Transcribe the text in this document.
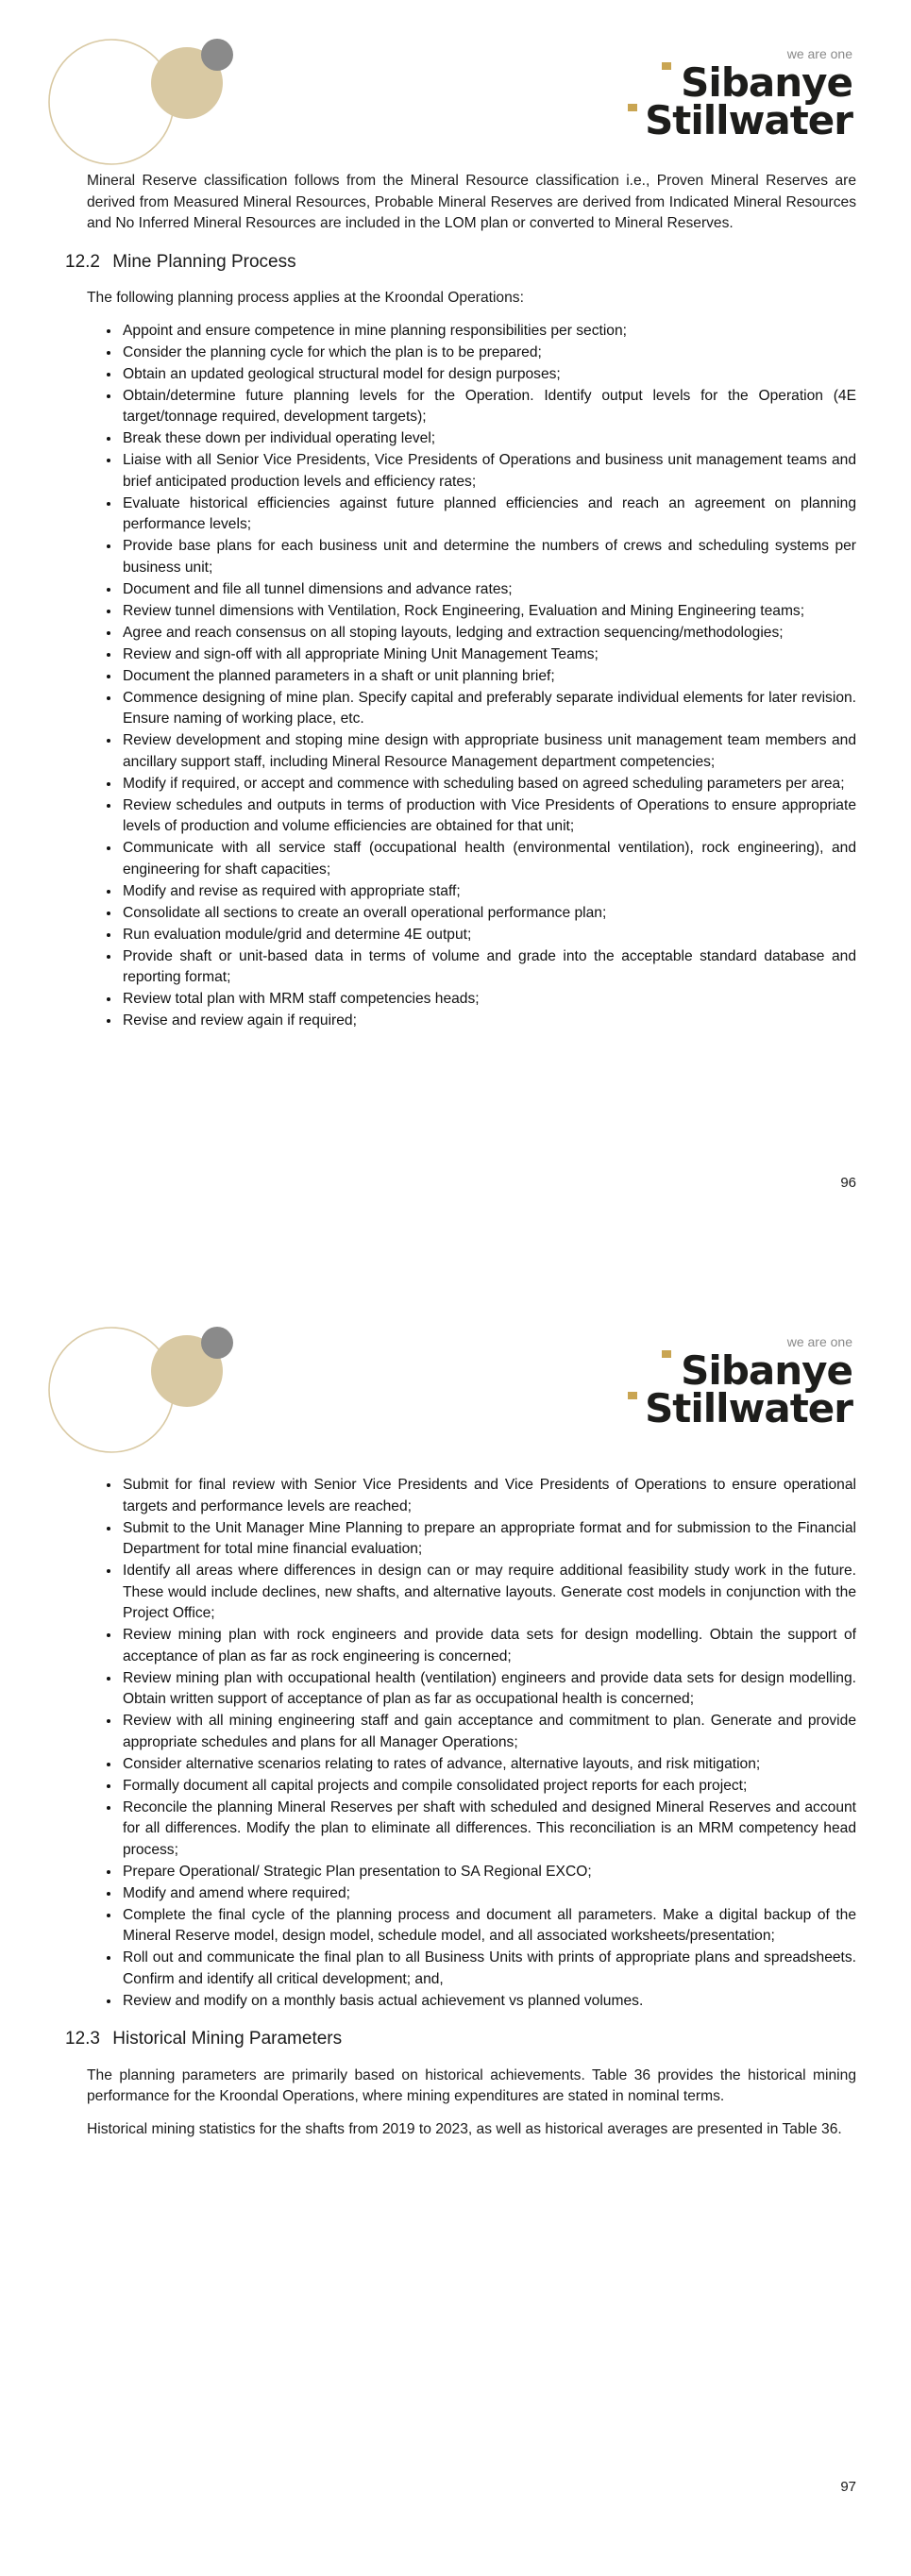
we are one
Sibanye
Stillwater

Mineral Reserve classification follows from the Mineral Resource classification i.e., Proven Mineral Reserves are derived from Measured Mineral Resources, Probable Mineral Reserves are derived from Indicated Mineral Resources and No Inferred Mineral Resources are included in the LOM plan or converted to Mineral Reserves.

12.2 Mine Planning Process

The following planning process applies at the Kroondal Operations:

• Appoint and ensure competence in mine planning responsibilities per section;
• Consider the planning cycle for which the plan is to be prepared;
• Obtain an updated geological structural model for design purposes;
• Obtain/determine future planning levels for the Operation. Identify output levels for the Operation (4E target/tonnage required, development targets);
• Break these down per individual operating level;
• Liaise with all Senior Vice Presidents, Vice Presidents of Operations and business unit management teams and brief anticipated production levels and efficiency rates;
• Evaluate historical efficiencies against future planned efficiencies and reach an agreement on planning performance levels;
• Provide base plans for each business unit and determine the numbers of crews and scheduling systems per business unit;
• Document and file all tunnel dimensions and advance rates;
• Review tunnel dimensions with Ventilation, Rock Engineering, Evaluation and Mining Engineering teams;
• Agree and reach consensus on all stoping layouts, ledging and extraction sequencing/methodologies;
• Review and sign-off with all appropriate Mining Unit Management Teams;
• Document the planned parameters in a shaft or unit planning brief;
• Commence designing of mine plan. Specify capital and preferably separate individual elements for later revision. Ensure naming of working place, etc.
• Review development and stoping mine design with appropriate business unit management team members and ancillary support staff, including Mineral Resource Management department competencies;
• Modify if required, or accept and commence with scheduling based on agreed scheduling parameters per area;
• Review schedules and outputs in terms of production with Vice Presidents of Operations to ensure appropriate levels of production and volume efficiencies are obtained for that unit;
• Communicate with all service staff (occupational health (environmental ventilation), rock engineering), and engineering for shaft capacities;
• Modify and revise as required with appropriate staff;
• Consolidate all sections to create an overall operational performance plan;
• Run evaluation module/grid and determine 4E output;
• Provide shaft or unit-based data in terms of volume and grade into the acceptable standard database and reporting format;
• Review total plan with MRM staff competencies heads;
• Revise and review again if required;
96
we are one
Sibanye
Stillwater
• Submit for final review with Senior Vice Presidents and Vice Presidents of Operations to ensure operational targets and performance levels are reached;
• Submit to the Unit Manager Mine Planning to prepare an appropriate format and for submission to the Financial Department for total mine financial evaluation;
• Identify all areas where differences in design can or may require additional feasibility study work in the future. These would include declines, new shafts, and alternative layouts. Generate cost models in conjunction with the Project Office;
• Review mining plan with rock engineers and provide data sets for design modelling. Obtain the support of acceptance of plan as far as rock engineering is concerned;
• Review mining plan with occupational health (ventilation) engineers and provide data sets for design modelling. Obtain written support of acceptance of plan as far as occupational health is concerned;
• Review with all mining engineering staff and gain acceptance and commitment to plan. Generate and provide appropriate schedules and plans for all Manager Operations;
• Consider alternative scenarios relating to rates of advance, alternative layouts, and risk mitigation;
• Formally document all capital projects and compile consolidated project reports for each project;
• Reconcile the planning Mineral Reserves per shaft with scheduled and designed Mineral Reserves and account for all differences. Modify the plan to eliminate all differences. This reconciliation is an MRM competency head process;
• Prepare Operational/ Strategic Plan presentation to SA Regional EXCO;
• Modify and amend where required;
• Complete the final cycle of the planning process and document all parameters. Make a digital backup of the Mineral Reserve model, design model, schedule model, and all associated worksheets/presentation;
• Roll out and communicate the final plan to all Business Units with prints of appropriate plans and spreadsheets. Confirm and identify all critical development; and,
• Review and modify on a monthly basis actual achievement vs planned volumes.
12.3 Historical Mining Parameters

The planning parameters are primarily based on historical achievements. Table 36 provides the historical mining performance for the Kroondal Operations, where mining expenditures are stated in nominal terms.

Historical mining statistics for the shafts from 2019 to 2023, as well as historical averages are presented in Table 36.

97
